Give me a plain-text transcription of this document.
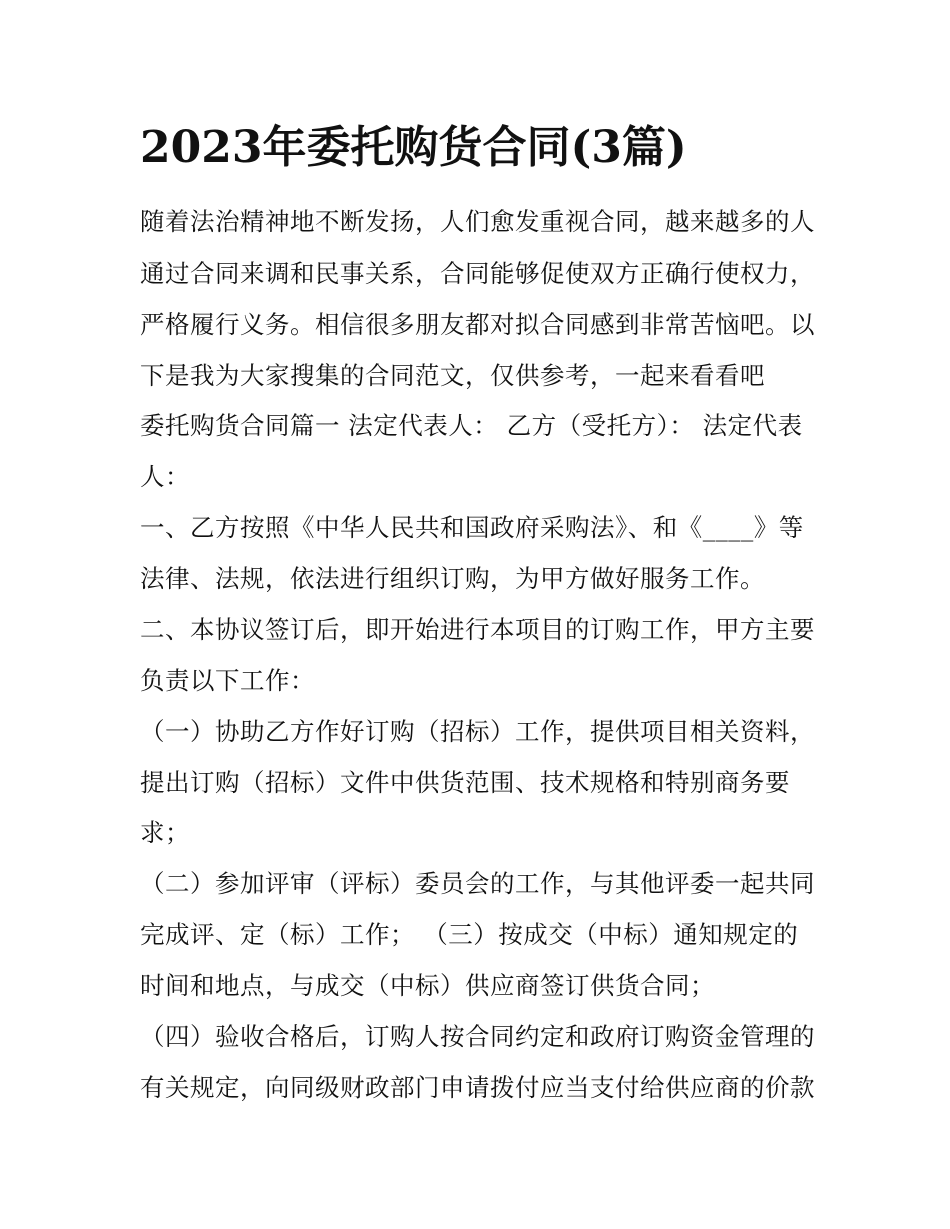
2023年委托购货合同(3篇)

随着法治精神地不断发扬，人们愈发重视合同，越来越多的人

通过合同来调和民事关系，合同能够促使双方正确行使权力，

严格履行义务。相信很多朋友都对拟合同感到非常苦恼吧。以

下是我为大家搜集的合同范文，仅供参考，一起来看看吧

委托购货合同篇一 法定代表人： 乙方（受托方）： 法定代表

人：

一、乙方按照《中华人民共和国政府采购法》、和《____》等

法律、法规，依法进行组织订购，为甲方做好服务工作。

二、本协议签订后，即开始进行本项目的订购工作，甲方主要

负责以下工作：

（一）协助乙方作好订购（招标）工作，提供项目相关资料，

提出订购（招标）文件中供货范围、技术规格和特别商务要

求；

（二）参加评审（评标）委员会的工作，与其他评委一起共同

完成评、定（标）工作； （三）按成交（中标）通知规定的

时间和地点，与成交（中标）供应商签订供货合同；

（四）验收合格后，订购人按合同约定和政府订购资金管理的

有关规定，向同级财政部门申请拨付应当支付给供应商的价款
